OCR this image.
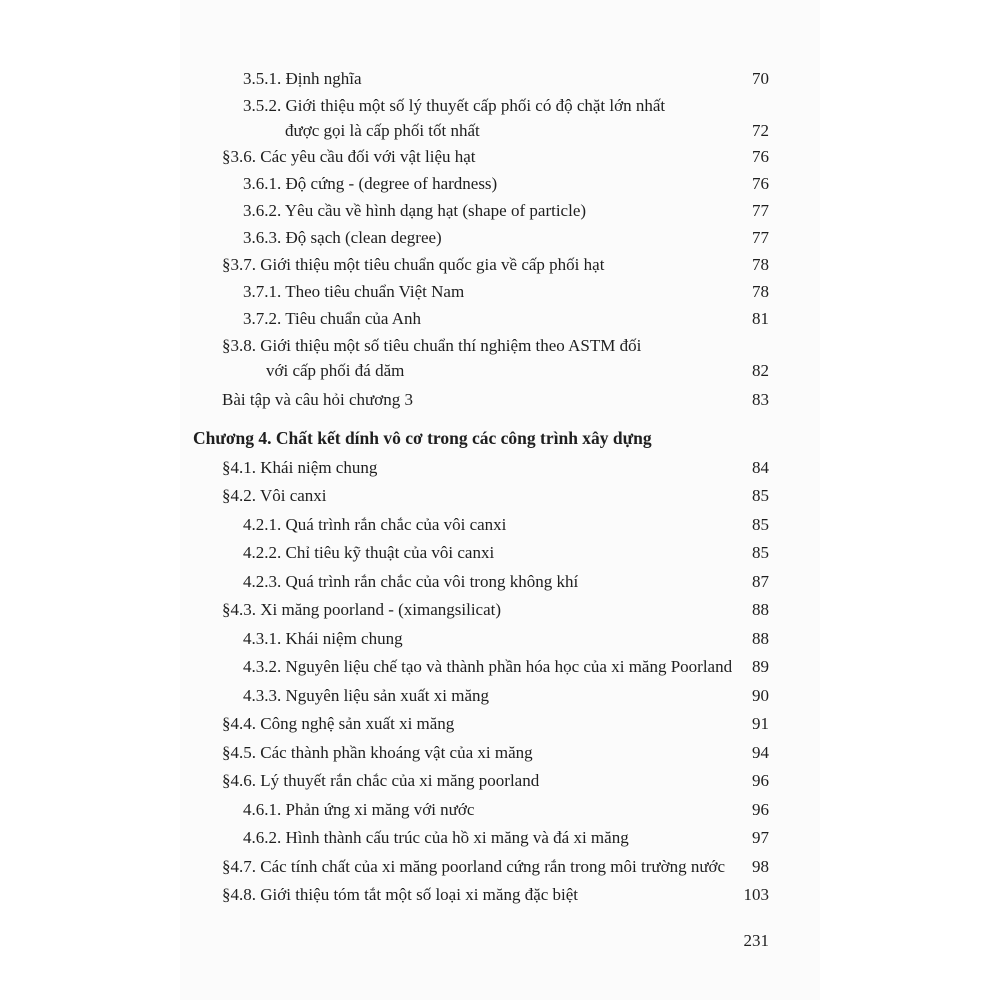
3.5.1. Định nghĩa	70
3.5.2. Giới thiệu một số lý thuyết cấp phối có độ chặt lớn nhất
được gọi là cấp phối tốt nhất	72
§3.6. Các yêu cầu đối với vật liệu hạt	76
3.6.1. Độ cứng - (degree of hardness)	76
3.6.2. Yêu cầu về hình dạng hạt (shape of particle)	77
3.6.3. Độ sạch (clean degree)	77
§3.7. Giới thiệu một tiêu chuẩn quốc gia về cấp phối hạt	78
3.7.1. Theo tiêu chuẩn Việt Nam	78
3.7.2. Tiêu chuẩn của Anh	81
§3.8. Giới thiệu một số tiêu chuẩn thí nghiệm theo ASTM đối
với cấp phối đá dăm	82
Bài tập và câu hỏi chương 3	83
Chương 4. Chất kết dính vô cơ trong các công trình xây dựng
§4.1. Khái niệm chung	84
§4.2. Vôi canxi	85
4.2.1. Quá trình rắn chắc của vôi canxi	85
4.2.2. Chỉ tiêu kỹ thuật của vôi canxi	85
4.2.3. Quá trình rắn chắc của vôi trong không khí	87
§4.3. Xi măng poorland - (ximangsilicat)	88
4.3.1. Khái niệm chung	88
4.3.2. Nguyên liệu chế tạo và thành phần hóa học của xi măng Poorland 89
4.3.3. Nguyên liệu sản xuất xi măng	90
§4.4. Công nghệ sản xuất xi măng	91
§4.5. Các thành phần khoáng vật của xi măng	94
§4.6. Lý thuyết rắn chắc của xi măng poorland	96
4.6.1. Phản ứng xi măng với nước	96
4.6.2. Hình thành cấu trúc của hồ xi măng và đá xi măng	97
§4.7. Các tính chất của xi măng poorland cứng rắn trong môi trường nước 98
§4.8. Giới thiệu tóm tắt một số loại xi măng đặc biệt	103
231
